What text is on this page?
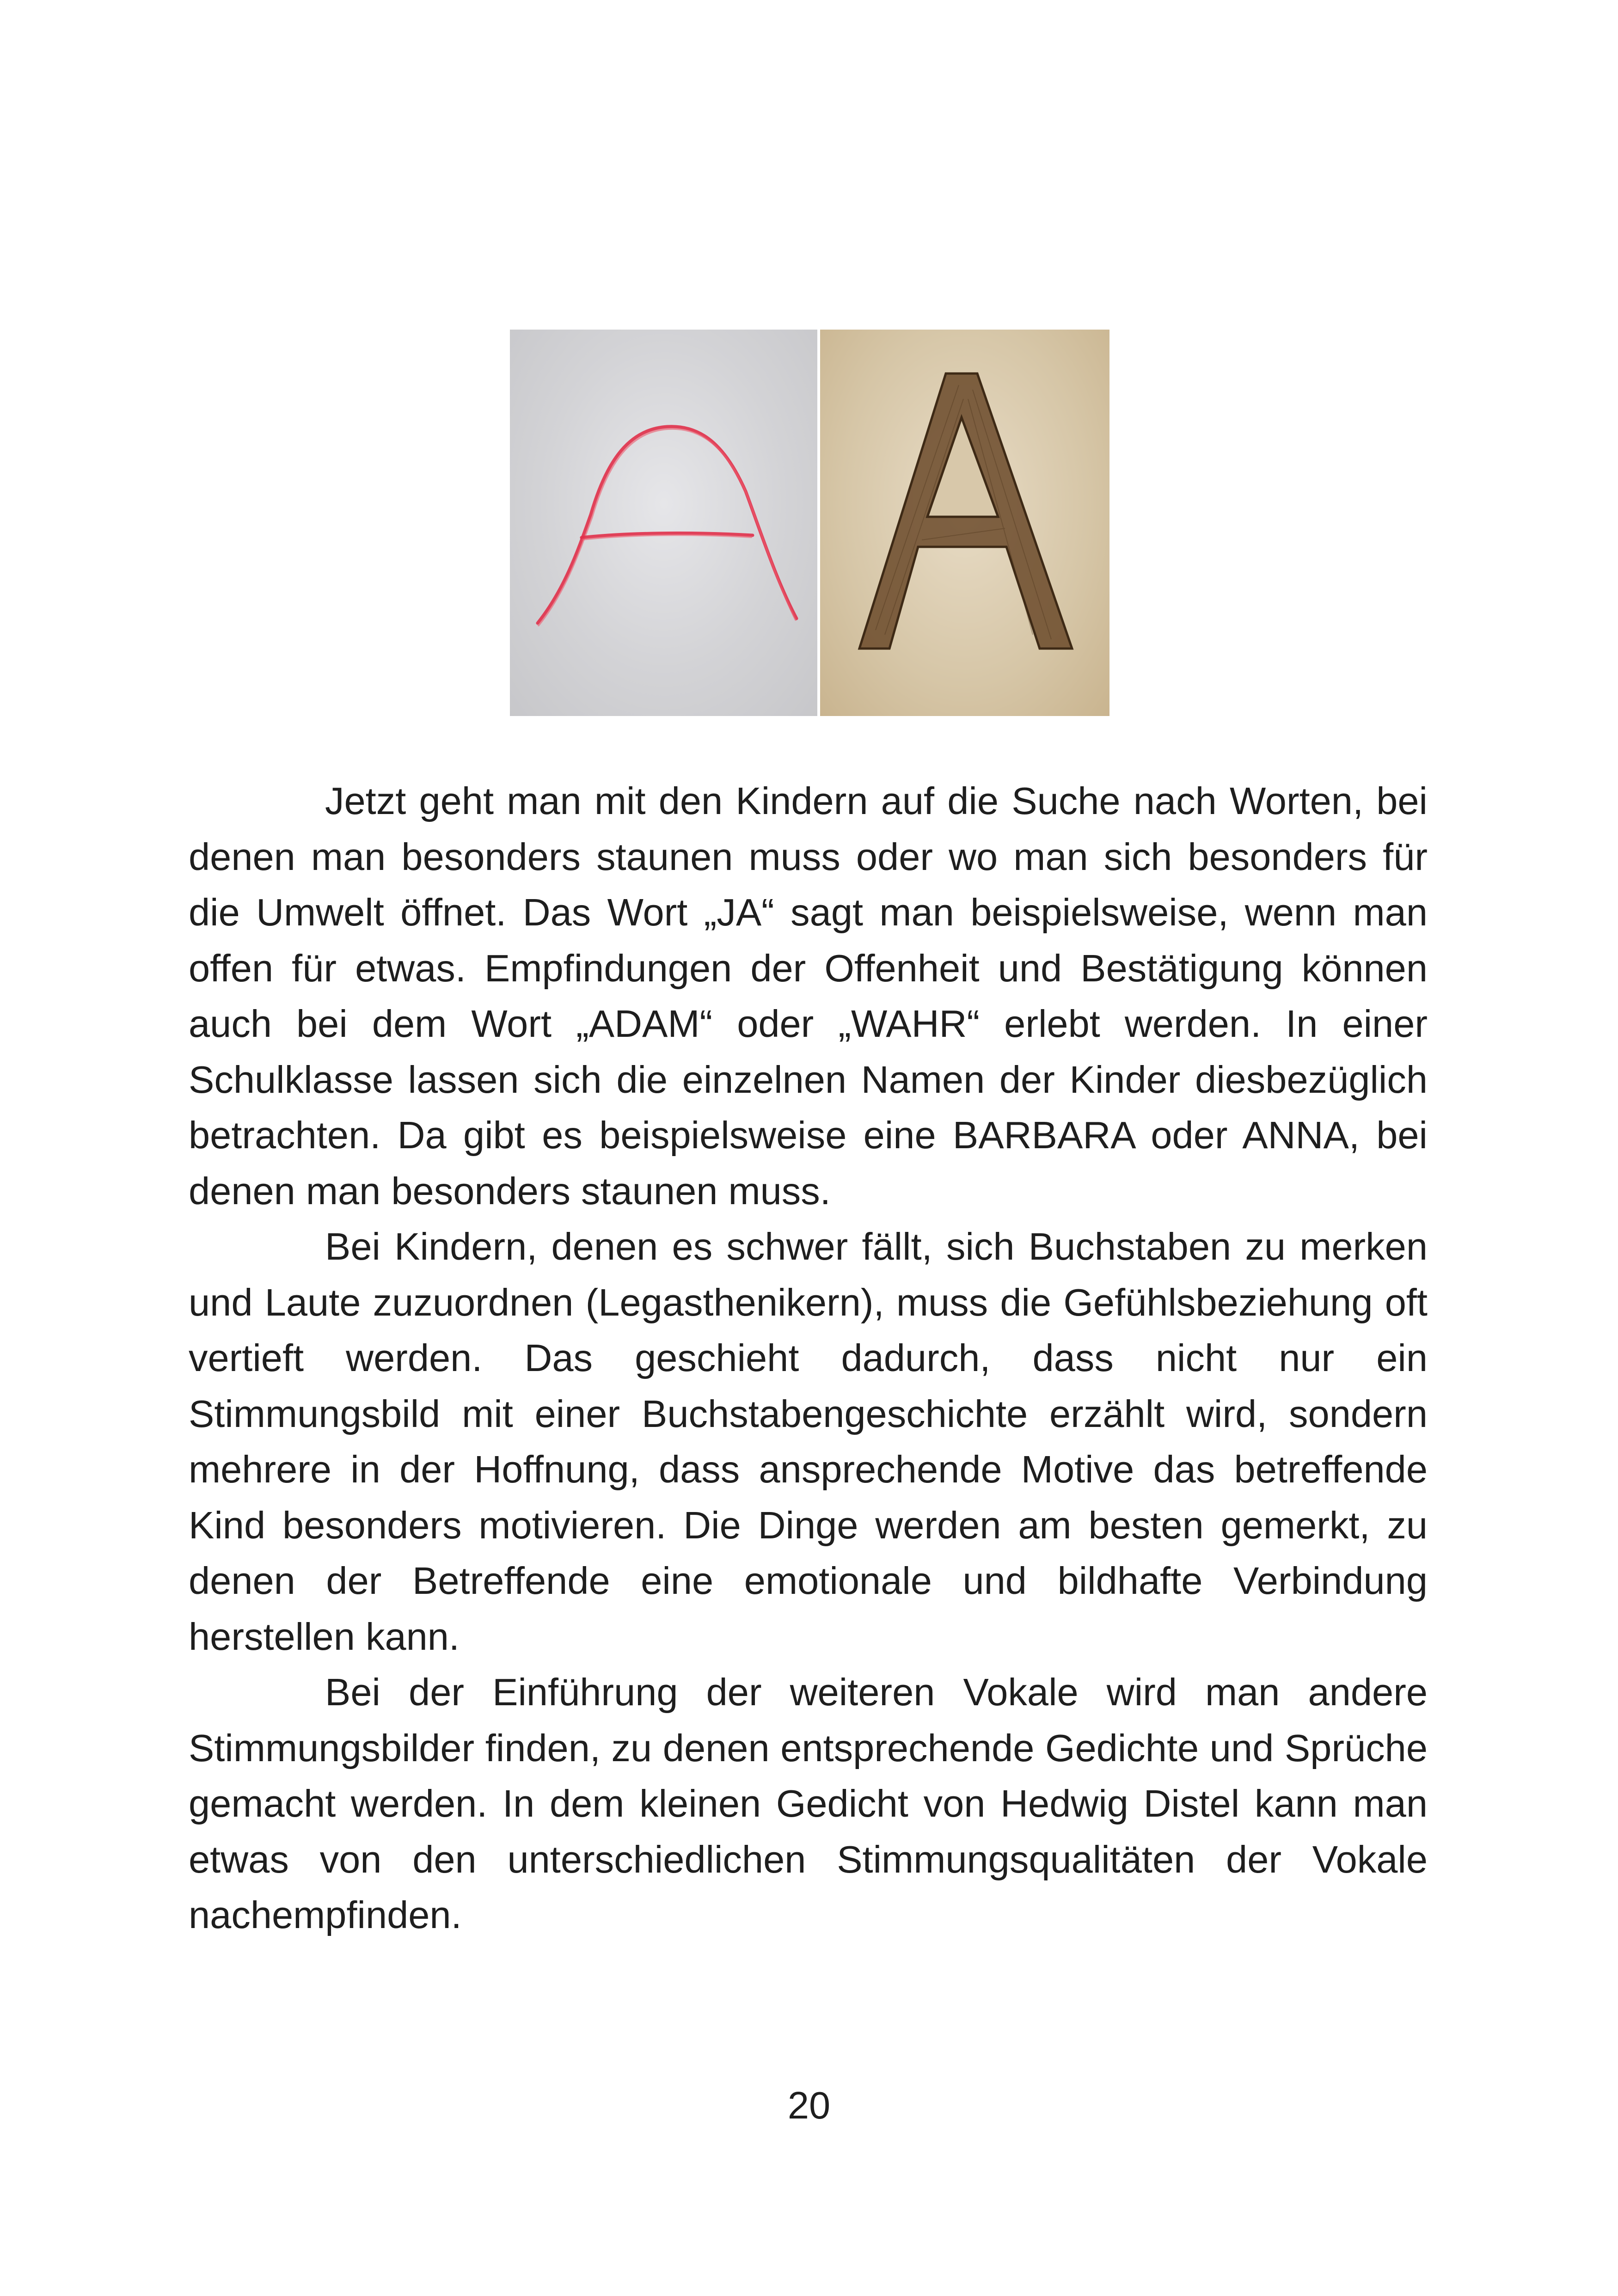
Jetzt geht man mit den Kindern auf die Suche nach Worten, bei denen man besonders staunen muss oder wo man sich besonders für die Umwelt öffnet. Das Wort „JA“ sagt man beispielsweise, wenn man offen für etwas. Empfindungen der Offenheit und Bestätigung können auch bei dem Wort „ADAM“ oder „WAHR“ erlebt werden. In einer Schulklasse lassen sich die einzelnen Namen der Kinder diesbezüglich betrachten. Da gibt es beispielsweise eine BARBARA oder ANNA, bei denen man besonders staunen muss.

Bei Kindern, denen es schwer fällt, sich Buchstaben zu merken und Laute zuzuordnen (Legasthenikern), muss die Gefühlsbeziehung oft vertieft werden. Das geschieht dadurch, dass nicht nur ein Stimmungsbild mit einer Buchstabengeschichte erzählt wird, sondern mehrere in der Hoffnung, dass ansprechende Motive das betreffende Kind besonders motivieren. Die Dinge werden am besten gemerkt, zu denen der Betreffende eine emotionale und bildhafte Verbindung herstellen kann.

Bei der Einführung der weiteren Vokale wird man andere Stimmungsbilder finden, zu denen entsprechende Gedichte und Sprüche gemacht werden. In dem kleinen Gedicht von Hedwig Distel kann man etwas von den unterschiedlichen Stimmungsqualitäten der Vokale nachempfinden.

20
